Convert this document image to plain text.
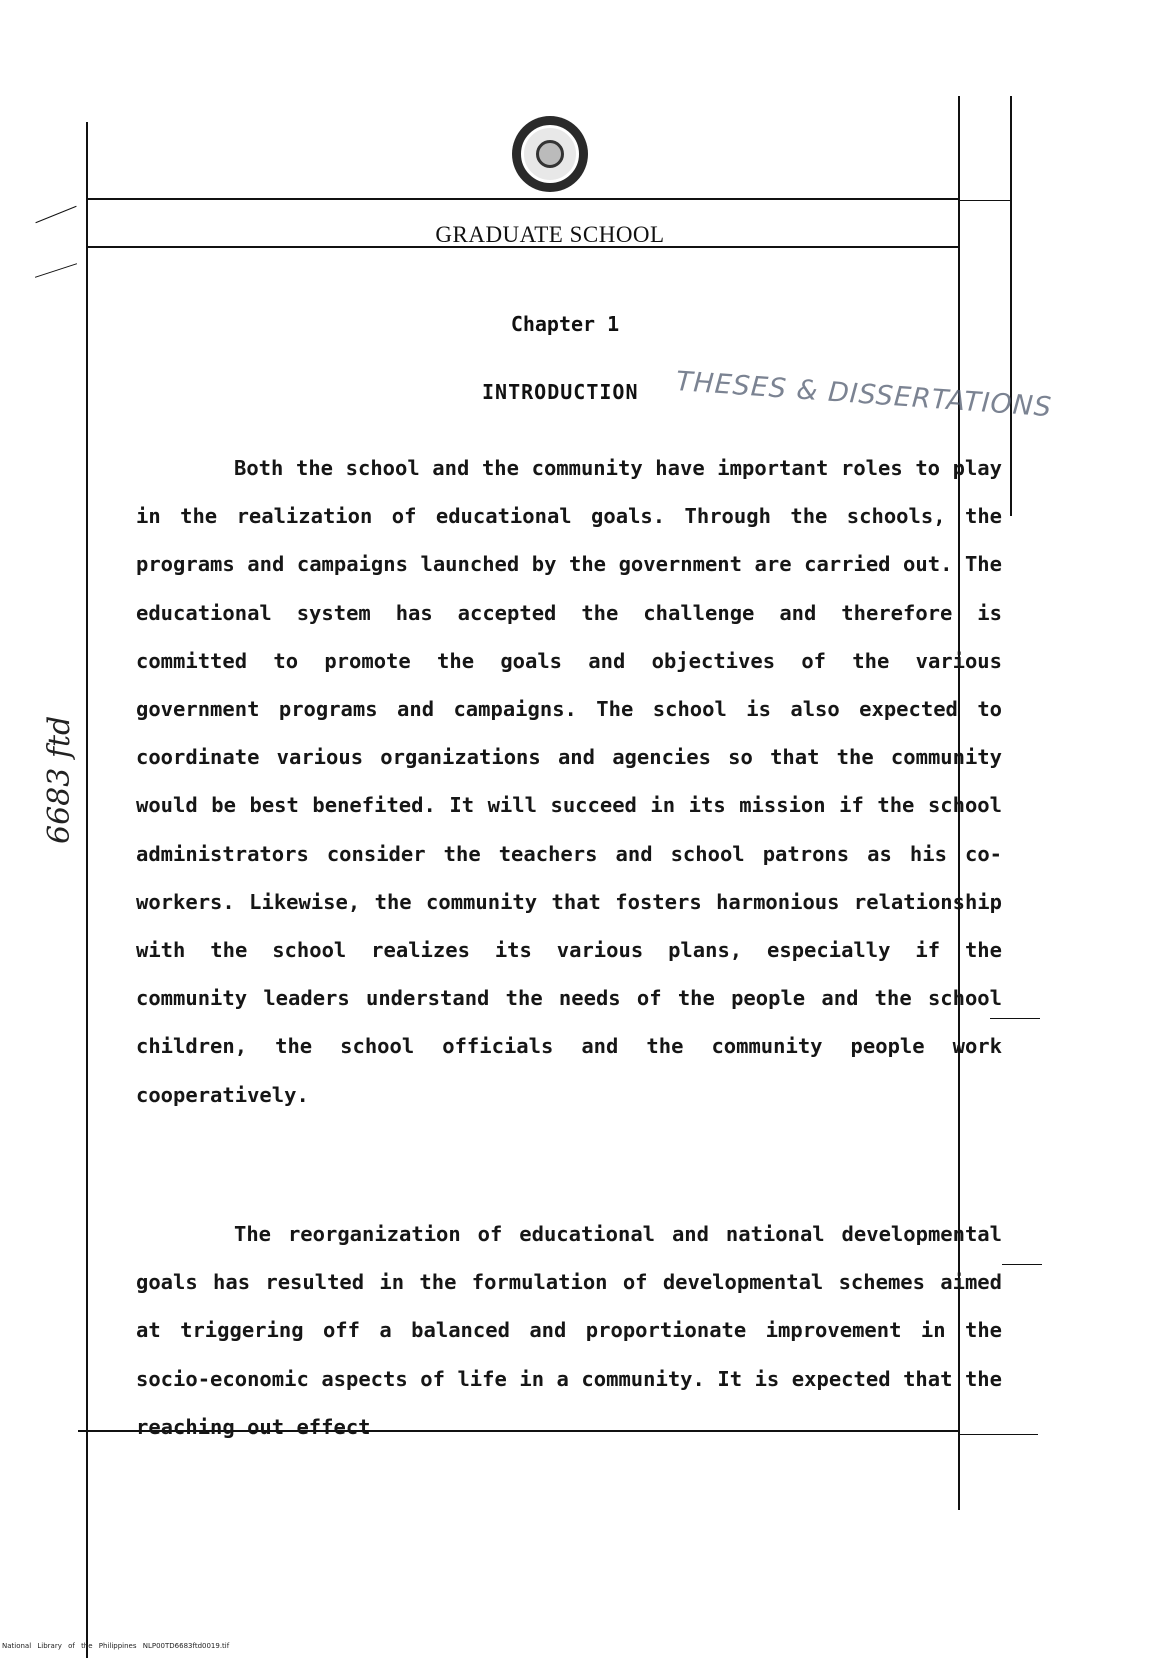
GRADUATE SCHOOL
Chapter 1
INTRODUCTION THESES & DISSERTATIONS
6683 ftd

Both the school and the community have important roles to play in the realization of educational goals. Through the schools, the programs and campaigns launched by the government are carried out. The educational system has accepted the challenge and therefore is committed to promote the goals and objectives of the various government programs and campaigns. The school is also expected to coordinate various organizations and agencies so that the community would be best benefited. It will succeed in its mission if the school administrators consider the teachers and school patrons as his co-workers. Likewise, the community that fosters harmonious relationship with the school realizes its various plans, especially if the community leaders understand the needs of the people and the school children, the school officials and the community people work cooperatively.

The reorganization of educational and national developmental goals has resulted in the formulation of developmental schemes aimed at triggering off a balanced and proportionate improvement in the socio-economic aspects of life in a community. It is expected that the reaching out effect

National Library of the Philippines NLP00TD6683ftd0019.tif
